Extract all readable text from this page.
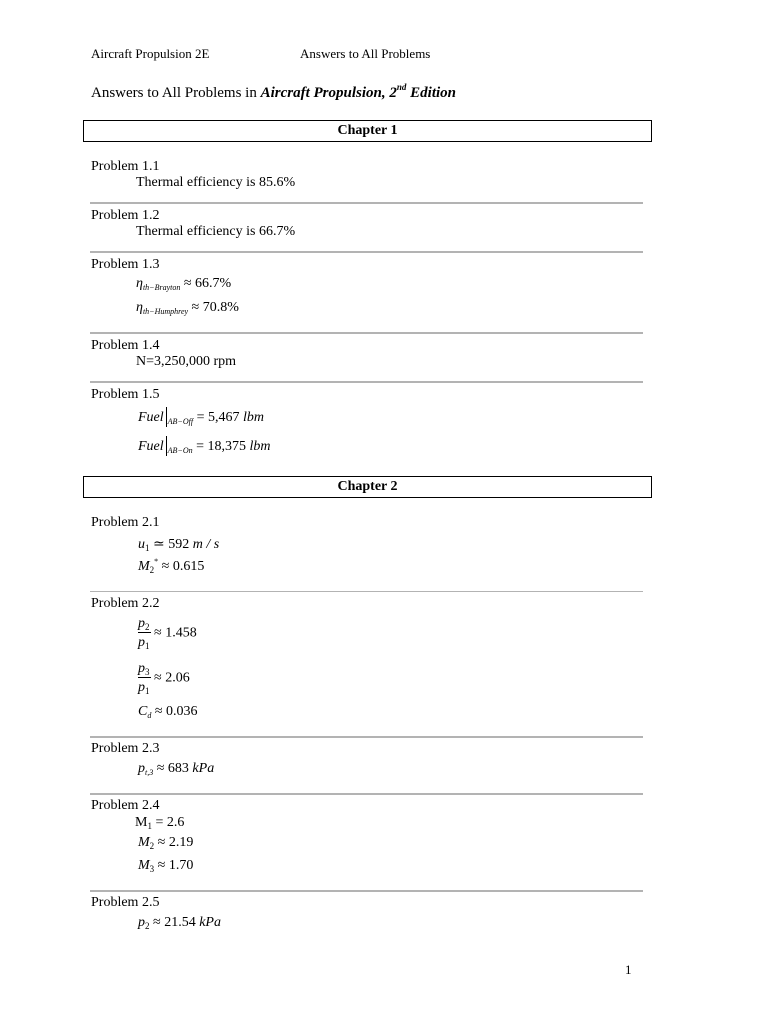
Aircraft Propulsion 2E	Answers to All Problems
Answers to All Problems in Aircraft Propulsion, 2nd Edition
Chapter 1
Problem 1.1
Thermal efficiency is 85.6%
Problem 1.2
Thermal efficiency is 66.7%
Problem 1.3
$\eta_{th-Brayton} \approx 66.7\%$
$\eta_{th-Humphrey} \approx 70.8\%$
Problem 1.4
N=3,250,000 rpm
Problem 1.5
Fuel $_{AB-Off}$ = 5,467 lbm
Fuel $_{AB-On}$ = 18,375 lbm
Chapter 2
Problem 2.1
$u_1$ ≃ 592 m / s
$M_2^* \approx 0.615$
Problem 2.2
$\frac{p_2}{p_1} \approx 1.458$
$\frac{p_3}{p_1} \approx 2.06$
$C_d \approx 0.036$
Problem 2.3
$p_{t,3} \approx 683$ kPa
Problem 2.4
$M_1 = 2.6$
$M_2 \approx 2.19$
$M_3 \approx 1.70$
Problem 2.5
$p_2 \approx 21.54$ kPa
1
